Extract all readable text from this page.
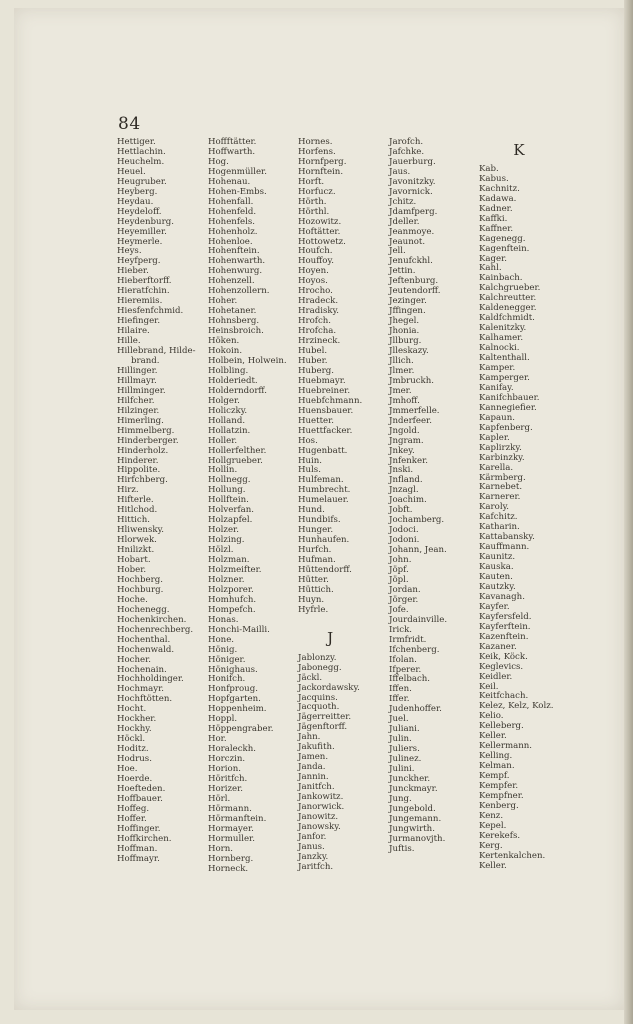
84
Hettiger.
Hettlachin.
Heuchelm.
Heuel.
Heugruber.
Heyberg.
Heydau.
Heydeloff.
Heydenburg.
Heyemiller.
Heymerle.
Heys.
Heyfperg.
Hieber.
Hieberftorff.
Hieratfchin.
Hieremiis.
Hiesfenfchmid.
Hiefinger.
Hilaire.
Hille.
Hillebrand, Hilde-
brand.
Hillinger.
Hillmayr.
Hillminger.
Hilfcher.
Hilzinger.
Himerling.
Himmelberg.
Hinderberger.
Hinderholz.
Hinderer.
Hippolite.
Hirfchberg.
Hirz.
Hifterle.
Hitlchod.
Hittich.
Hliwensky.
Hlorwek.
Hnilizkt.
Hobart.
Hober.
Hochberg.
Hochburg.
Hoche.
Hochenegg.
Hochenkirchen.
Hochenrechberg.
Hochenthal.
Hochenwald.
Hocher.
Hochenain.
Hochholdinger.
Hochmayr.
Hochftötten.
Hocht.
Hockher.
Hockhy.
Höckl.
Hoditz.
Hodrus.
Hoe.
Hoerde.
Hoefteden.
Hoffbauer.
Hoffeg.
Hoffer.
Hoffinger.
Hoffkirchen.
Hoffman.
Hoffmayr.
Hoffftätter.
Hoffwarth.
Hog.
Hogenmüller.
Hohenau.
Hohen-Embs.
Hohenfall.
Hohenfeld.
Hohenfels.
Hohenholz.
Hohenloe.
Hohenftein.
Hohenwarth.
Hohenwurg.
Hohenzell.
Hohenzollern.
Hoher.
Hohetaner.
Hohnsberg.
Heinsbroich.
Höken.
Hokoin.
Holbein, Holwein.
Holbling.
Holderiedt.
Holderndorff.
Holger.
Holiczky.
Holland.
Hollatzin.
Holler.
Hollerfelther.
Hollgrueber.
Hollin.
Hollnegg.
Hollung.
Hollftein.
Holverfan.
Holzapfel.
Holzer.
Holzing.
Hölzl.
Holzman.
Holzmeifter.
Holzner.
Holzporer.
Homhufch.
Hompefch.
Honas.
Honchi-Mailli.
Hone.
Hönig.
Höniger.
Hönighaus.
Honifch.
Honfproug.
Hopfgarten.
Hoppenheim.
Hoppl.
Höppengraber.
Hor.
Horaleckh.
Horczin.
Horion.
Höritfch.
Horizer.
Hörl.
Hörmann.
Hörmanftein.
Hormayer.
Hormuller.
Horn.
Hornberg.
Horneck.
Hornes.
Horfens.
Hornfperg.
Hornftein.
Horft.
Horfucz.
Hörth.
Hörthl.
Hozowitz.
Hoftätter.
Hottowetz.
Houfch.
Houffoy.
Hoyen.
Hoyos.
Hrocho.
Hradeck.
Hradisky.
Hrofch.
Hrofcha.
Hrzineck.
Hubel.
Huber.
Huberg.
Huebmayr.
Huebreiner.
Huebfchmann.
Huensbauer.
Huetter.
Huettfacker.
Hos.
Hugenbatt.
Huin.
Huls.
Hulfeman.
Humbrecht.
Humelauer.
Hund.
Hundbifs.
Hunger.
Hunhaufen.
Hurfch.
Hufman.
Hüttendorff.
Hütter.
Hüttich.
Huyn.
Hyfrle.
J
Jablonzy.
Jabonegg.
Jäckl.
Jackordawsky.
Jacquins.
Jacquoth.
Jägerreitter.
Jägenftorff.
Jahn.
Jakufith.
Jamen.
Janda.
Jannin.
Janitfch.
Jankowitz.
Janorwick.
Janowitz.
Janowsky.
Janfor.
Janus.
Janzky.
Jaritfch.
Jarofch.
Jafchke.
Jauerburg.
Jaus.
Javonitzky.
Javornick.
Jchitz.
Jdamfperg.
Jdeller.
Jeanmoye.
Jeaunot.
Jell.
Jenufckhl.
Jettin.
Jeftenburg.
Jeutendorff.
Jezinger.
Jffingen.
Jhegel.
Jhonia.
Jllburg.
Jlleskazy.
Jllich.
Jlmer.
Jmbruckh.
Jmer.
Jmhoff.
Jmmerfelle.
Jnderfeer.
Jngold.
Jngram.
Jnkey.
Jnfenker.
Jnski.
Jnfland.
Jnzagl.
Joachim.
Jobft.
Jochamberg.
Jodoci.
Jodoni.
Johann, Jean.
John.
Jöpf.
Jöpl.
Jordan.
Jörger.
Jofe.
Jourdainville.
Irick.
Irmfridt.
Ifchenberg.
Ifolan.
Ifperer.
Iffelbach.
Iffen.
Iffer.
Judenhoffer.
Juel.
Juliani.
Julin.
Juliers.
Julinez.
Julini.
Junckher.
Junckmayr.
Jung.
Jungebold.
Jungemann.
Jungwirth.
Jurmanovjth.
Juftis.
K
Kab.
Kabus.
Kachnitz.
Kadawa.
Kadner.
Kaffki.
Kaffner.
Kagenegg.
Kagenftein.
Kager.
Kahl.
Kainbach.
Kalchgrueber.
Kalchreutter.
Kaldenegger.
Kaldfchmidt.
Kalenitzky.
Kalhamer.
Kalnocki.
Kaltenthall.
Kamper.
Kamperger.
Kanifay.
Kanifchbauer.
Kannegiefier.
Kapaun.
Kapfenberg.
Kapler.
Kaplirzky.
Karbinzky.
Karella.
Kärmberg.
Karnebet.
Karnerer.
Karoly.
Kafchitz.
Katharin.
Kattabansky.
Kauffmann.
Kaunitz.
Kauska.
Kauten.
Kautzky.
Kavanagh.
Kayfer.
Kayfersfeld.
Kayferftein.
Kazenftein.
Kazaner.
Keik, Köck.
Keglevics.
Keidler.
Keil.
Keitfchach.
Kelez, Kelz, Kolz.
Kelio.
Kelleberg.
Keller.
Kellermann.
Kelling.
Kelman.
Kempf.
Kempfer.
Kempfner.
Kenberg.
Kenz.
Kepel.
Kerekefs.
Kerg.
Kertenkalchen.
Keller.
